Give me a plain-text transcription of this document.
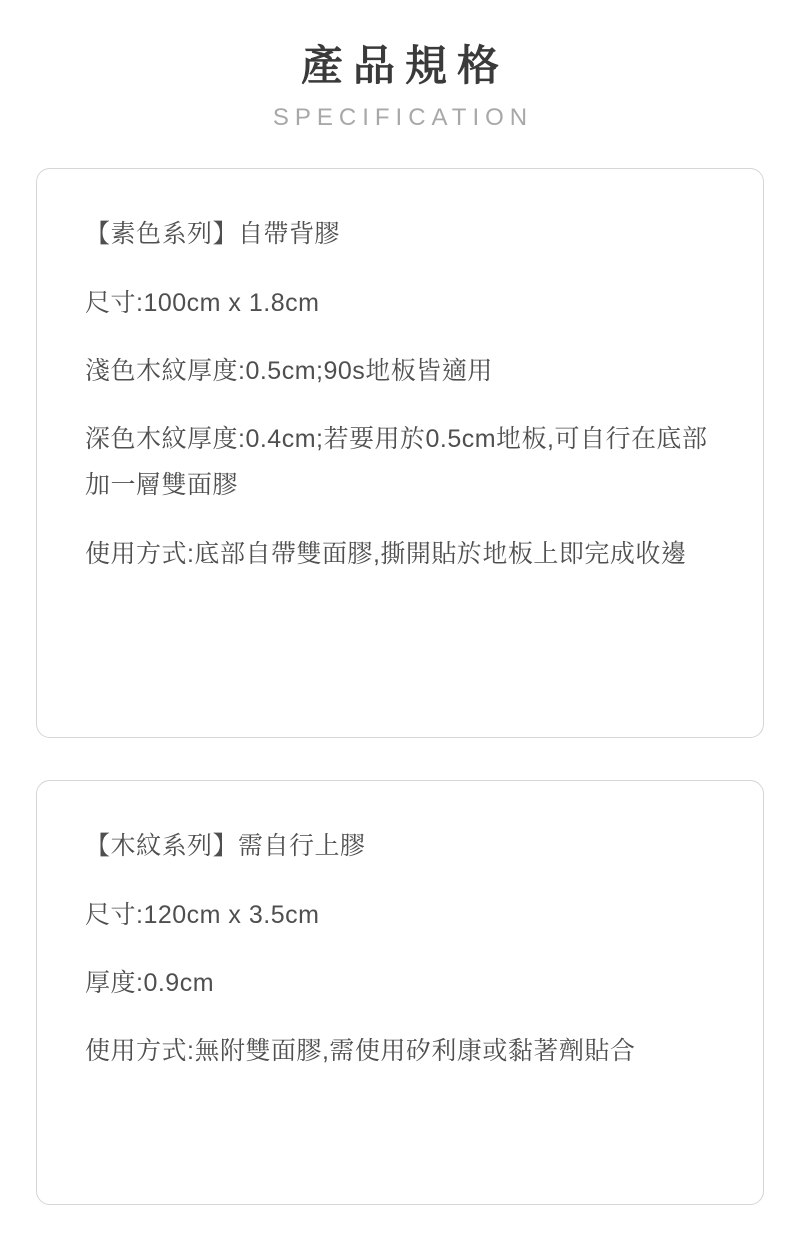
產品規格
SPECIFICATION

【素色系列】自帶背膠

尺寸:100cm x 1.8cm

淺色木紋厚度:0.5cm;90s地板皆適用

深色木紋厚度:0.4cm;若要用於0.5cm地板,可自行在底部加一層雙面膠

使用方式:底部自帶雙面膠,撕開貼於地板上即完成收邊

【木紋系列】需自行上膠

尺寸:120cm x 3.5cm

厚度:0.9cm

使用方式:無附雙面膠,需使用矽利康或黏著劑貼合
